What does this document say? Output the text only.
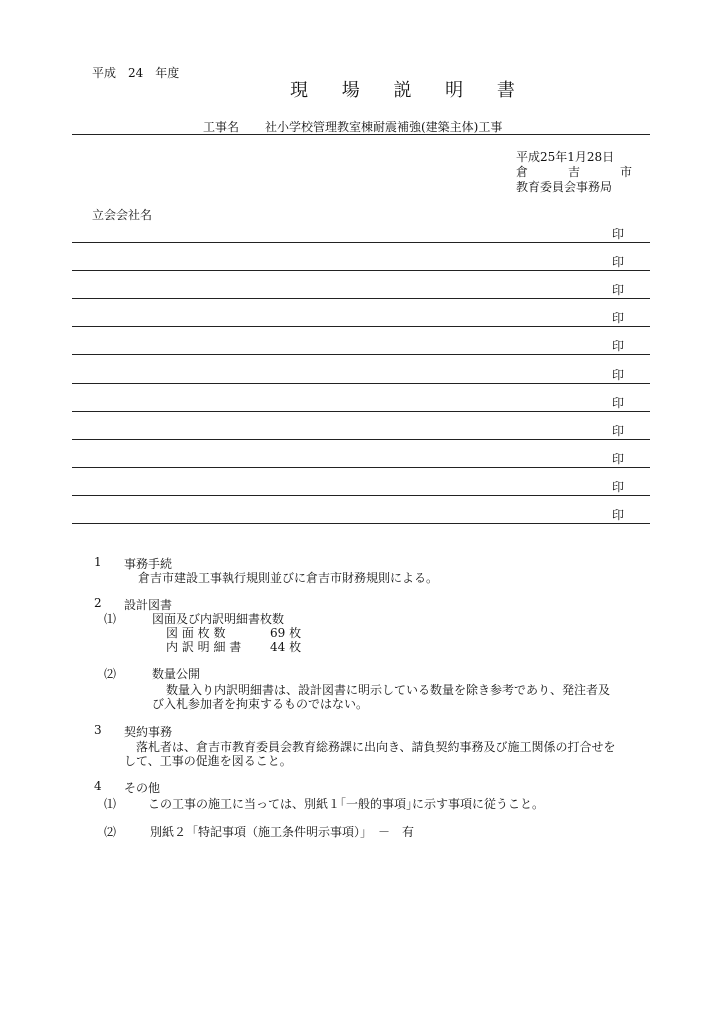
平成　24　年度
現 場 説 明 書
工事名 社小学校管理教室棟耐震補強(建築主体)工事
平成25年1月28日
倉	吉	市
教育委員会事務局
立会会社名
印
印
印
印
印
印
印
印
印
印
印
1 事務手続
倉吉市建設工事執行規則並びに倉吉市財務規則による。
2 設計図書
⑴	図面及び内訳明細書枚数
図 面 枚 数	69 枚
内 訳 明 細 書 44 枚
⑵	数量公開
数量入り内訳明細書は、設計図書に明示している数量を除き参考であり、発注者及
び入札参加者を拘束するものではない。
3 契約事務
落札者は、倉吉市教育委員会教育総務課に出向き、請負契約事務及び施工関係の打合せを
して、工事の促進を図ること。
4 その他
⑴	この工事の施工に当っては、別紙１｢一般的事項｣に示す事項に従うこと。
⑵	別紙２「特記事項（施工条件明示事項）」　－　有
